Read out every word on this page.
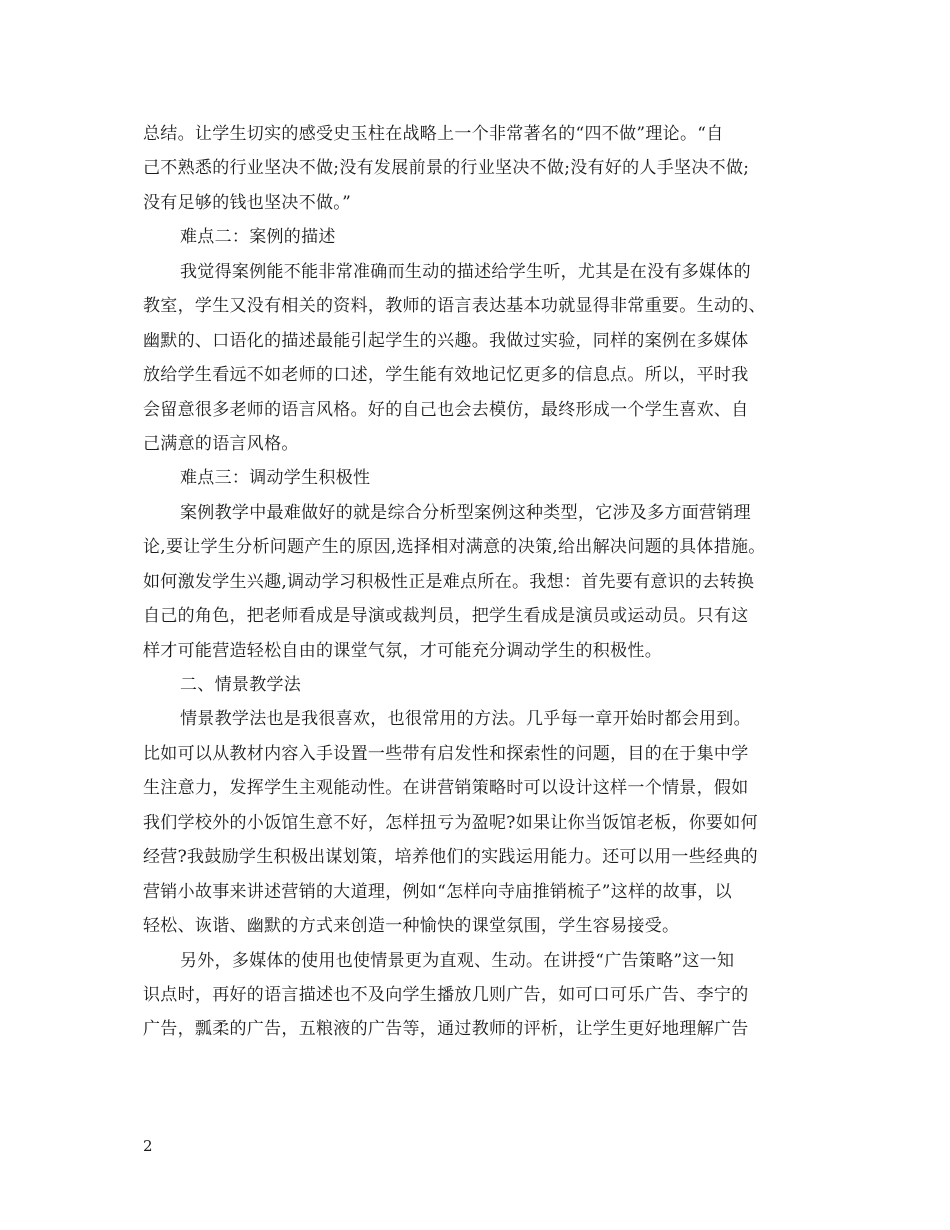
总结。让学生切实的感受史玉柱在战略上一个非常著名的“四不做”理论。“自
己不熟悉的行业坚决不做;没有发展前景的行业坚决不做;没有好的人手坚决不做;
没有足够的钱也坚决不做。”
难点二：案例的描述
我觉得案例能不能非常准确而生动的描述给学生听，尤其是在没有多媒体的
教室，学生又没有相关的资料，教师的语言表达基本功就显得非常重要。生动的、
幽默的、口语化的描述最能引起学生的兴趣。我做过实验，同样的案例在多媒体
放给学生看远不如老师的口述，学生能有效地记忆更多的信息点。所以，平时我
会留意很多老师的语言风格。好的自己也会去模仿，最终形成一个学生喜欢、自
己满意的语言风格。
难点三：调动学生积极性
案例教学中最难做好的就是综合分析型案例这种类型，它涉及多方面营销理
论,要让学生分析问题产生的原因,选择相对满意的决策,给出解决问题的具体措施。
如何激发学生兴趣,调动学习积极性正是难点所在。我想：首先要有意识的去转换
自己的角色，把老师看成是导演或裁判员，把学生看成是演员或运动员。只有这
样才可能营造轻松自由的课堂气氛，才可能充分调动学生的积极性。
二、情景教学法
情景教学法也是我很喜欢，也很常用的方法。几乎每一章开始时都会用到。
比如可以从教材内容入手设置一些带有启发性和探索性的问题，目的在于集中学
生注意力，发挥学生主观能动性。在讲营销策略时可以设计这样一个情景，假如
我们学校外的小饭馆生意不好，怎样扭亏为盈呢?如果让你当饭馆老板，你要如何
经营?我鼓励学生积极出谋划策，培养他们的实践运用能力。还可以用一些经典的
营销小故事来讲述营销的大道理，例如“怎样向寺庙推销梳子”这样的故事，以
轻松、诙谐、幽默的方式来创造一种愉快的课堂氛围，学生容易接受。
另外，多媒体的使用也使情景更为直观、生动。在讲授“广告策略”这一知
识点时，再好的语言描述也不及向学生播放几则广告，如可口可乐广告、李宁的
广告，瓢柔的广告，五粮液的广告等，通过教师的评析，让学生更好地理解广告
2
